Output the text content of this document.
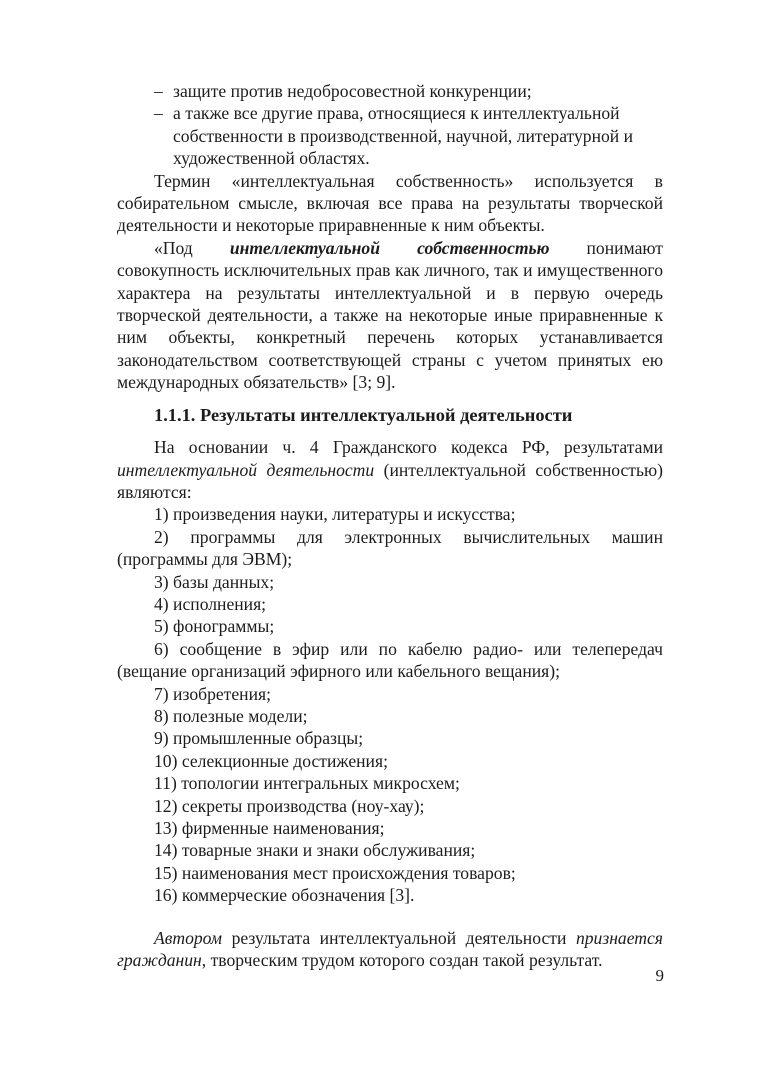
– защите против недобросовестной конкуренции;
– а также все другие права, относящиеся к интеллектуальной собственности в производственной, научной, литературной и художественной областях.

Термин «интеллектуальная собственность» используется в собирательном смысле, включая все права на результаты творческой деятельности и некоторые приравненные к ним объекты.

«Под интеллектуальной собственностью понимают совокупность исключительных прав как личного, так и имущественного характера на результаты интеллектуальной и в первую очередь творческой деятельности, а также на некоторые иные приравненные к ним объекты, конкретный перечень которых устанавливается законодательством соответствующей страны с учетом принятых ею международных обязательств» [3; 9].

1.1.1. Результаты интеллектуальной деятельности

На основании ч. 4 Гражданского кодекса РФ, результатами интеллектуальной деятельности (интеллектуальной собственностью) являются:

1) произведения науки, литературы и искусства;
2) программы для электронных вычислительных машин (программы для ЭВМ);
3) базы данных;
4) исполнения;
5) фонограммы;
6) сообщение в эфир или по кабелю радио- или телепередач (вещание организаций эфирного или кабельного вещания);
7) изобретения;
8) полезные модели;
9) промышленные образцы;
10) селекционные достижения;
11) топологии интегральных микросхем;
12) секреты производства (ноу-хау);
13) фирменные наименования;
14) товарные знаки и знаки обслуживания;
15) наименования мест происхождения товаров;
16) коммерческие обозначения [3].

Автором результата интеллектуальной деятельности признается гражданин, творческим трудом которого создан такой результат.

9
